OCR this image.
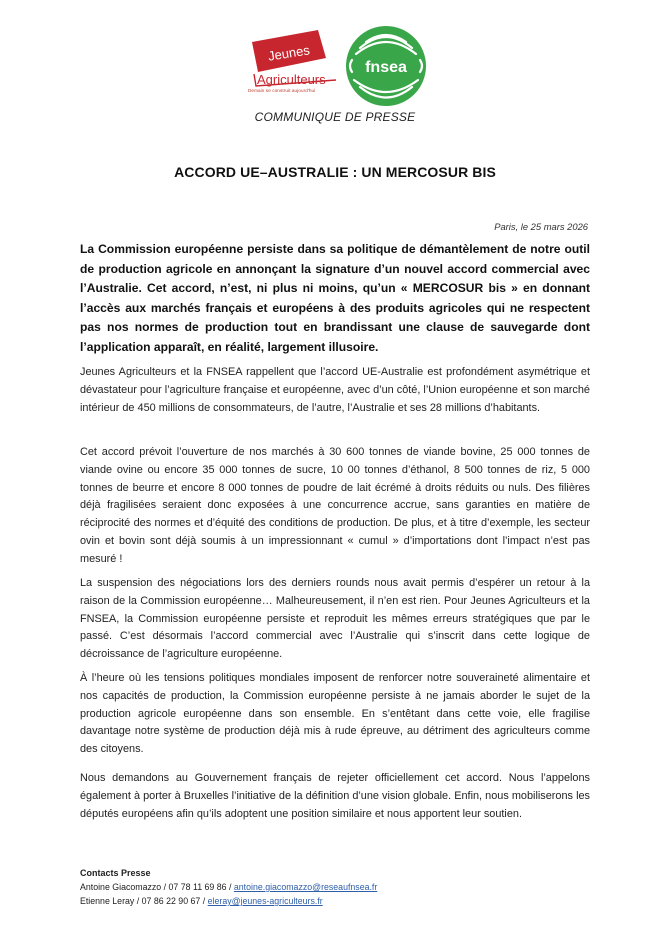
Jeunes
Agriculteurs
Demain se construit aujourd'hui
fnsea
COMMUNIQUE DE PRESSE
ACCORD UE–AUSTRALIE : UN MERCOSUR BIS
Paris, le 25 mars 2026
La Commission européenne persiste dans sa politique de démantèlement de notre outil de production agricole en annonçant la signature d’un nouvel accord commercial avec l’Australie. Cet accord, n’est, ni plus ni moins, qu’un « MERCOSUR bis » en donnant l’accès aux marchés français et européens à des produits agricoles qui ne respectent pas nos normes de production tout en brandissant une clause de sauvegarde dont l’application apparaît, en réalité, largement illusoire.

Jeunes Agriculteurs et la FNSEA rappellent que l’accord UE-Australie est profondément asymétrique et dévastateur pour l’agriculture française et européenne, avec d’un côté, l’Union européenne et son marché intérieur de 450 millions de consommateurs, de l’autre, l’Australie et ses 28 millions d’habitants.

Cet accord prévoit l’ouverture de nos marchés à 30 600 tonnes de viande bovine, 25 000 tonnes de viande ovine ou encore 35 000 tonnes de sucre, 10 00 tonnes d’éthanol, 8 500 tonnes de riz, 5 000 tonnes de beurre et encore 8 000 tonnes de poudre de lait écrémé à droits réduits ou nuls. Des filières déjà fragilisées seraient donc exposées à une concurrence accrue, sans garanties en matière de réciprocité des normes et d’équité des conditions de production. De plus, et à titre d’exemple, les secteur ovin et bovin sont déjà soumis à un impressionnant « cumul » d’importations dont l’impact n’est pas mesuré !

La suspension des négociations lors des derniers rounds nous avait permis d’espérer un retour à la raison de la Commission européenne… Malheureusement, il n’en est rien. Pour Jeunes Agriculteurs et la FNSEA, la Commission européenne persiste et reproduit les mêmes erreurs stratégiques que par le passé. C’est désormais l’accord commercial avec l’Australie qui s’inscrit dans cette logique de décroissance de l’agriculture européenne.

À l’heure où les tensions politiques mondiales imposent de renforcer notre souveraineté alimentaire et nos capacités de production, la Commission européenne persiste à ne jamais aborder le sujet de la production agricole européenne dans son ensemble. En s’entêtant dans cette voie, elle fragilise davantage notre système de production déjà mis à rude épreuve, au détriment des agriculteurs comme des citoyens.

Nous demandons au Gouvernement français de rejeter officiellement cet accord. Nous l’appelons également à porter à Bruxelles l’initiative de la définition d’une vision globale. Enfin, nous mobiliserons les députés européens afin qu’ils adoptent une position similaire et nous apportent leur soutien.

Contacts Presse
Antoine Giacomazzo / 07 78 11 69 86 / antoine.giacomazzo@reseaufnsea.fr
Etienne Leray / 07 86 22 90 67 / eleray@jeunes-agriculteurs.fr
